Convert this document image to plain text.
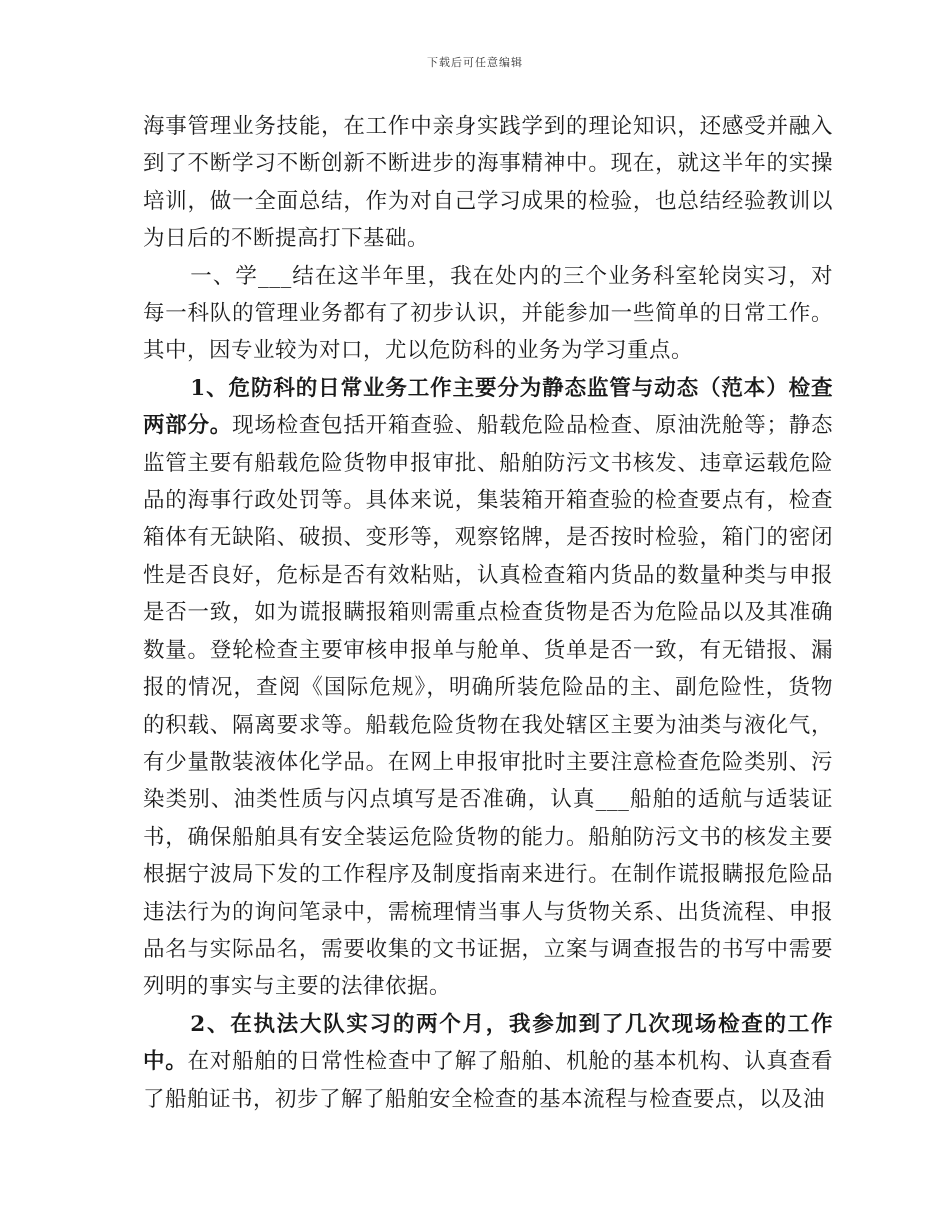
下载后可任意编辑

海事管理业务技能，在工作中亲身实践学到的理论知识，还感受并融入到了不断学习不断创新不断进步的海事精神中。现在，就这半年的实操培训，做一全面总结，作为对自己学习成果的检验，也总结经验教训以为日后的不断提高打下基础。

一、学___结在这半年里，我在处内的三个业务科室轮岗实习，对每一科队的管理业务都有了初步认识，并能参加一些简单的日常工作。其中，因专业较为对口，尤以危防科的业务为学习重点。

1、危防科的日常业务工作主要分为静态监管与动态（范本）检查两部分。现场检查包括开箱查验、船载危险品检查、原油洗舱等；静态监管主要有船载危险货物申报审批、船舶防污文书核发、违章运载危险品的海事行政处罚等。具体来说，集装箱开箱查验的检查要点有，检查箱体有无缺陷、破损、变形等，观察铭牌，是否按时检验，箱门的密闭性是否良好，危标是否有效粘贴，认真检查箱内货品的数量种类与申报是否一致，如为谎报瞒报箱则需重点检查货物是否为危险品以及其准确数量。登轮检查主要审核申报单与舱单、货单是否一致，有无错报、漏报的情况，查阅《国际危规》，明确所装危险品的主、副危险性，货物的积载、隔离要求等。船载危险货物在我处辖区主要为油类与液化气，有少量散装液体化学品。在网上申报审批时主要注意检查危险类别、污染类别、油类性质与闪点填写是否准确，认真___船舶的适航与适装证书，确保船舶具有安全装运危险货物的能力。船舶防污文书的核发主要根据宁波局下发的工作程序及制度指南来进行。在制作谎报瞒报危险品违法行为的询问笔录中，需梳理情当事人与货物关系、出货流程、申报品名与实际品名，需要收集的文书证据，立案与调查报告的书写中需要列明的事实与主要的法律依据。

2、在执法大队实习的两个月，我参加到了几次现场检查的工作中。在对船舶的日常性检查中了解了船舶、机舱的基本机构、认真查看了船舶证书，初步了解了船舶安全检查的基本流程与检查要点，以及油
